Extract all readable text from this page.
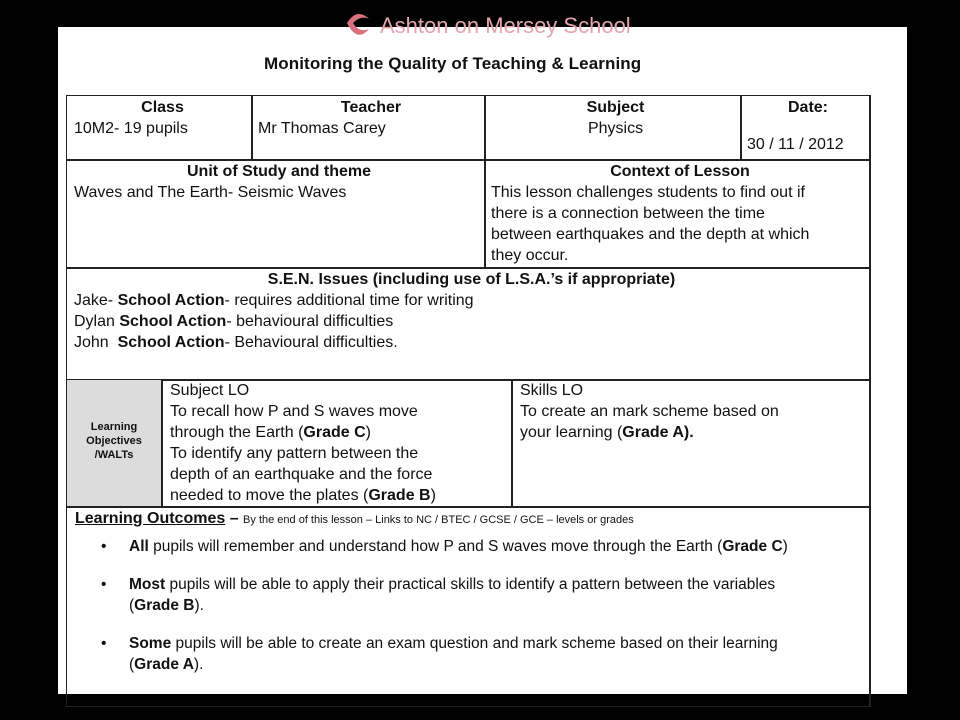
Ashton on Mersey School
Monitoring the Quality of Teaching & Learning
Class
10M2- 19 pupils
Teacher
Mr Thomas Carey
Subject
Physics
Date:
30 / 11 / 2012
Unit of Study and theme
Waves and The Earth- Seismic Waves
Context of Lesson
This lesson challenges students to find out if
there is a connection between the time
between earthquakes and the depth at which
they occur.
S.E.N. Issues (including use of L.S.A.’s if appropriate)
Jake- School Action- requires additional time for writing
Dylan School Action- behavioural difficulties
John  School Action- Behavioural difficulties.
Learning
Objectives
/WALTs
Subject LO
To recall how P and S waves move
through the Earth (Grade C)
To identify any pattern between the
depth of an earthquake and the force
needed to move the plates (Grade B)
Skills LO
To create an mark scheme based on
your learning (Grade A).
Learning Outcomes – By the end of this lesson – Links to NC / BTEC / GCSE / GCE – levels or grades
• All pupils will remember and understand how P and S waves move through the Earth (Grade C)
• Most pupils will be able to apply their practical skills to identify a pattern between the variables
(Grade B).
• Some pupils will be able to create an exam question and mark scheme based on their learning
(Grade A).
